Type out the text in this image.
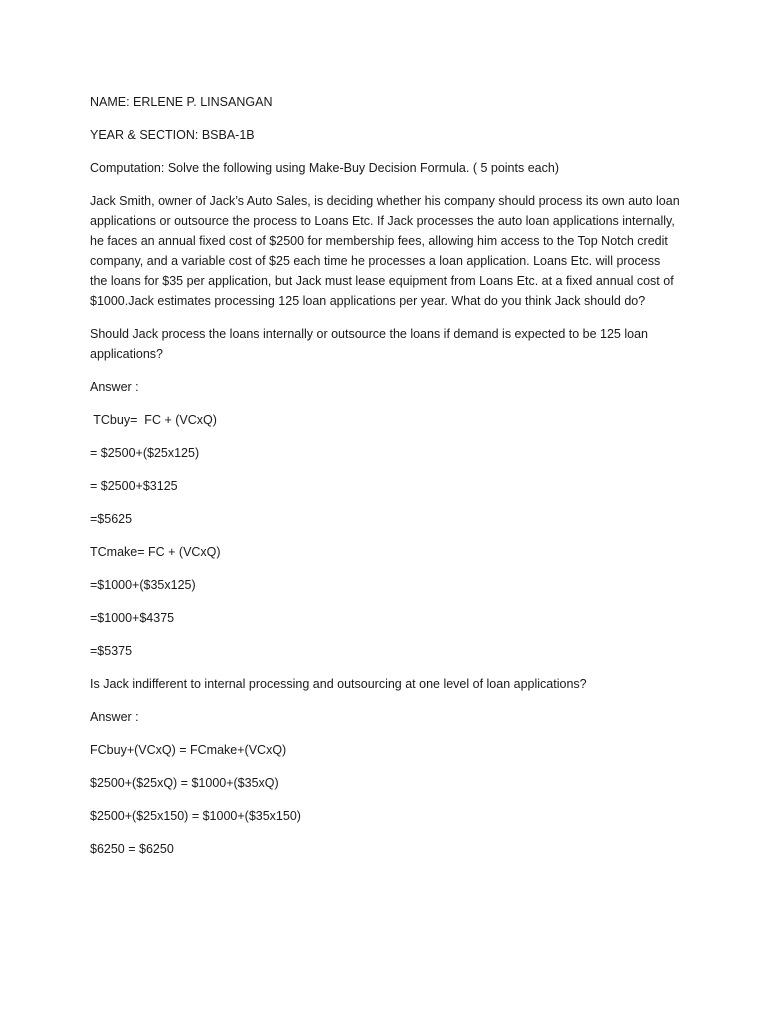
NAME: ERLENE P. LINSANGAN

YEAR & SECTION: BSBA-1B

Computation: Solve the following using Make-Buy Decision Formula. ( 5 points each)

Jack Smith, owner of Jack’s Auto Sales, is deciding whether his company should process its own auto loan applications or outsource the process to Loans Etc. If Jack processes the auto loan applications internally, he faces an annual fixed cost of $2500 for membership fees, allowing him access to the Top Notch credit company, and a variable cost of $25 each time he processes a loan application. Loans Etc. will process the loans for $35 per application, but Jack must lease equipment from Loans Etc. at a fixed annual cost of $1000.Jack estimates processing 125 loan applications per year. What do you think Jack should do?

Should Jack process the loans internally or outsource the loans if demand is expected to be 125 loan applications?

Answer :

TCbuy=  FC + (VCxQ)

= $2500+($25x125)

= $2500+$3125

=$5625

TCmake= FC + (VCxQ)

=$1000+($35x125)

=$1000+$4375

=$5375

Is Jack indifferent to internal processing and outsourcing at one level of loan applications?

Answer :

FCbuy+(VCxQ) = FCmake+(VCxQ)

$2500+($25xQ) = $1000+($35xQ)

$2500+($25x150) = $1000+($35x150)

$6250 = $6250
